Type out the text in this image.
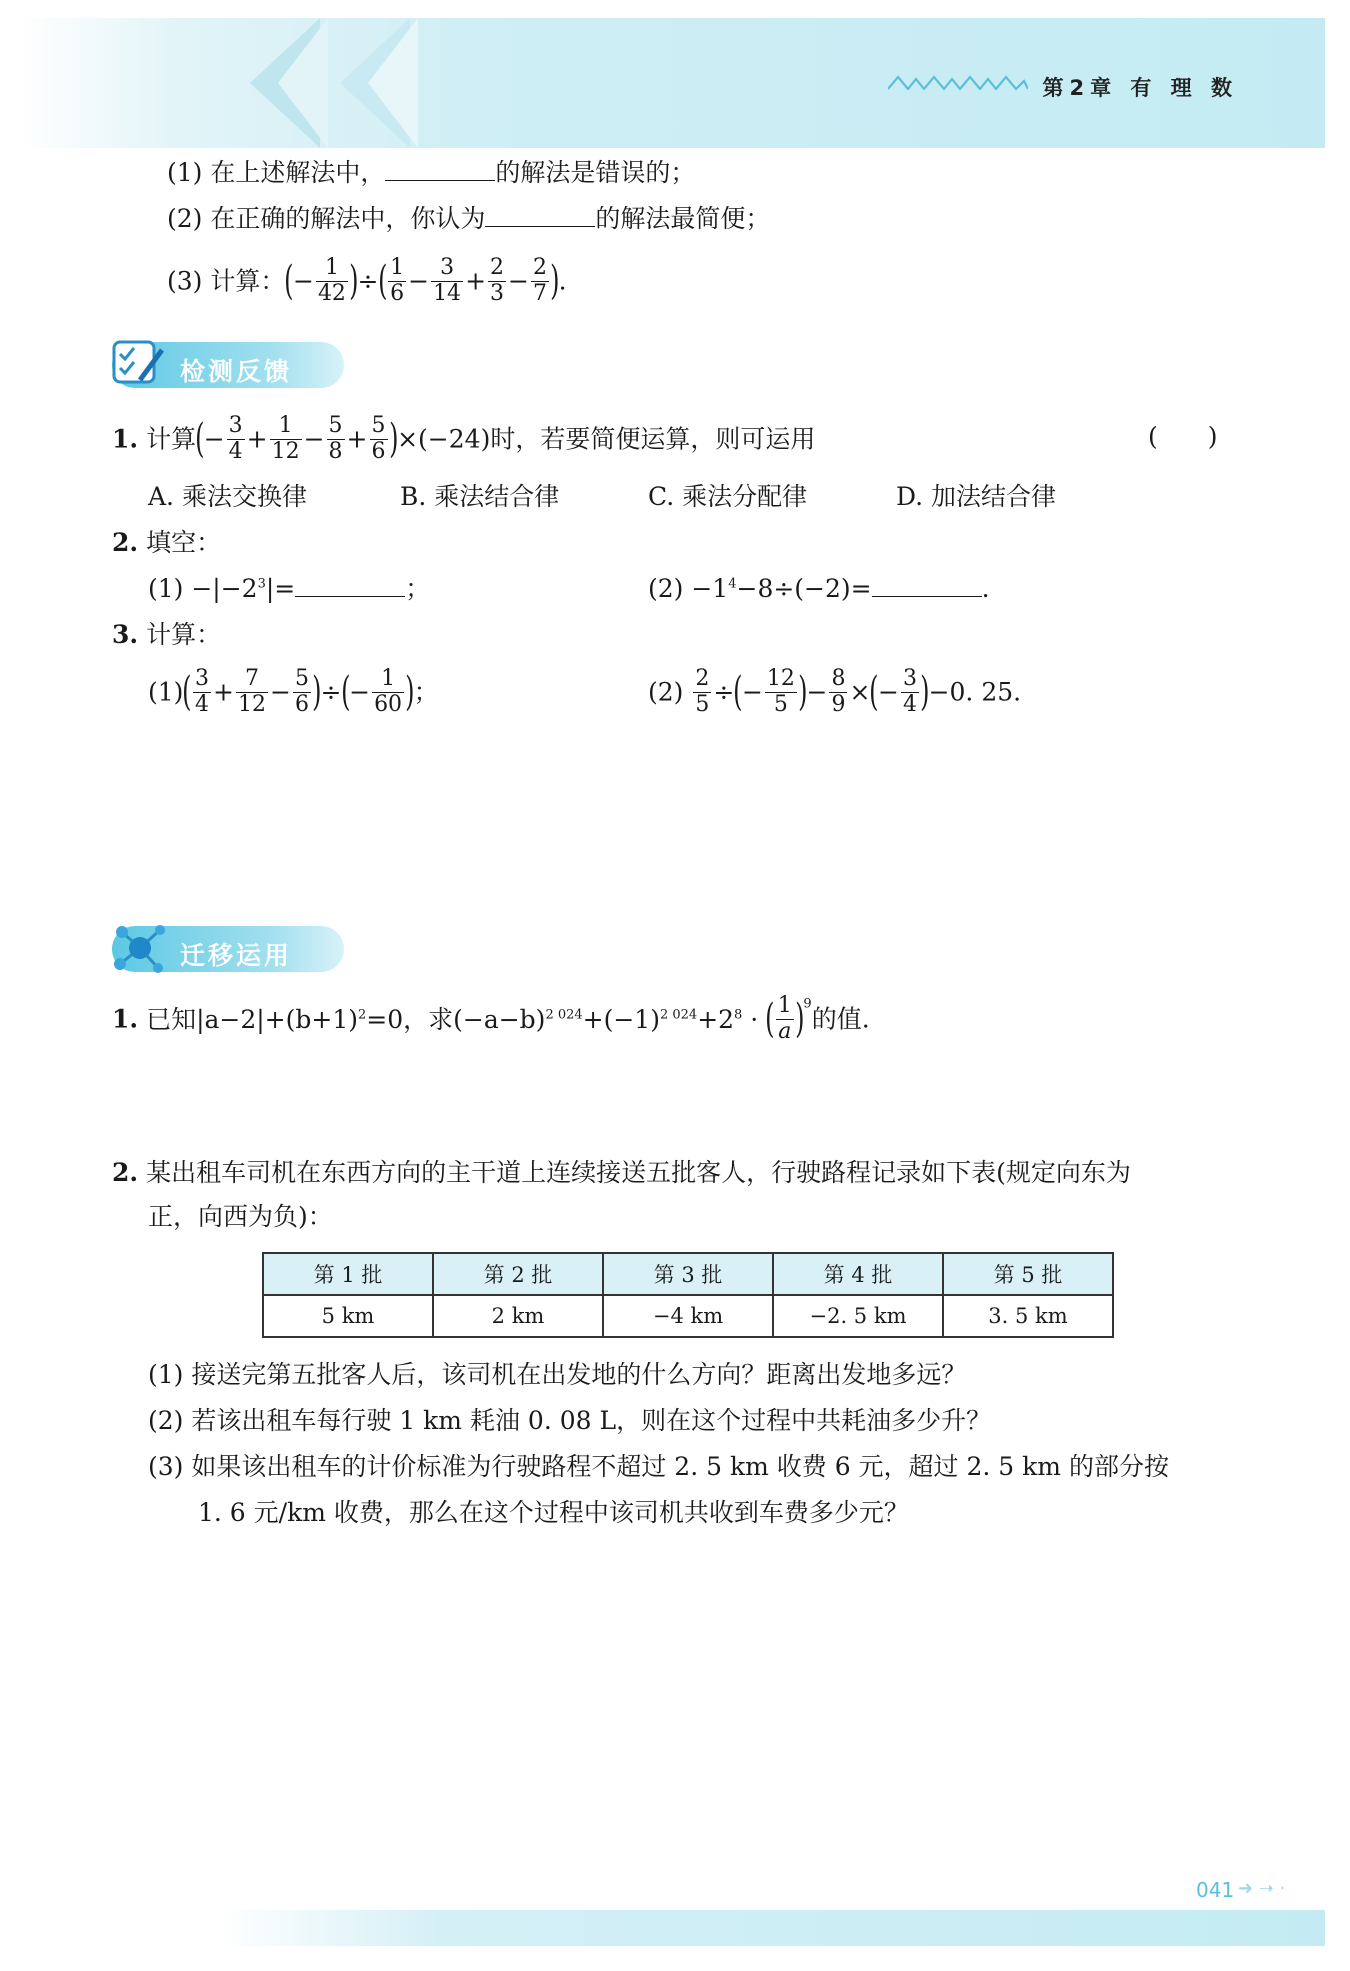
第2章 有 理 数
(1) 在上述解法中，	的解法是错误的；
(2) 在正确的解法中，你认为	的解法最简便；
(3) 计算：(− $\frac{1}{42}$ )÷( $\frac{1}{6} - \frac{3}{14} + \frac{2}{3} - \frac{2}{7}$ ).
检测反馈
1. 计算(− $\frac{3}{4} + \frac{1}{12} - \frac{5}{8} + \frac{5}{6} )\times(-24)$时，若要简便运算，则可运用	(　　)
A. 乘法交换律	B. 乘法结合律	C. 乘法分配律	D. 加法结合律
2. 填空：
$(1) -|-2^3|=$	；	$(2) -1^4-8\div(-2)=$	.
3. 计算：
$(1)( \frac{3}{4} + \frac{7}{12} - \frac{5}{6}$ )÷(− $\frac{1}{60}$ )；	$(2) \frac{2}{5}$ ÷(− $\frac{12}{5}$ )− $\frac{8}{9}$ ×(− $\frac{3}{4} )-0$. 25.
迁移运用
1. 已知$|a-2|+(b+1)^2=0$，求$(-a-b)^{2 024}+(-1)^{2 024}+2^8$ · ( $\frac{1}{a} )^9$的值.
2. 某出租车司机在东西方向的主干道上连续接送五批客人，行驶路程记录如下表(规定向东为
正，向西为负)：
第 1 批	第 2 批	第 3 批	第 4 批	第 5 批
5 km	2 km	−4 km	−2. 5 km	3. 5 km
(1) 接送完第五批客人后，该司机在出发地的什么方向？距离出发地多远？
(2) 若该出租车每行驶 1 km 耗油 0. 08 L，则在这个过程中共耗油多少升？
(3) 如果该出租车的计价标准为行驶路程不超过 2. 5 km 收费 6 元，超过 2. 5 km 的部分按
1. 6 元/km 收费，那么在这个过程中该司机共收到车费多少元？
041 ➜ ➝ ·
